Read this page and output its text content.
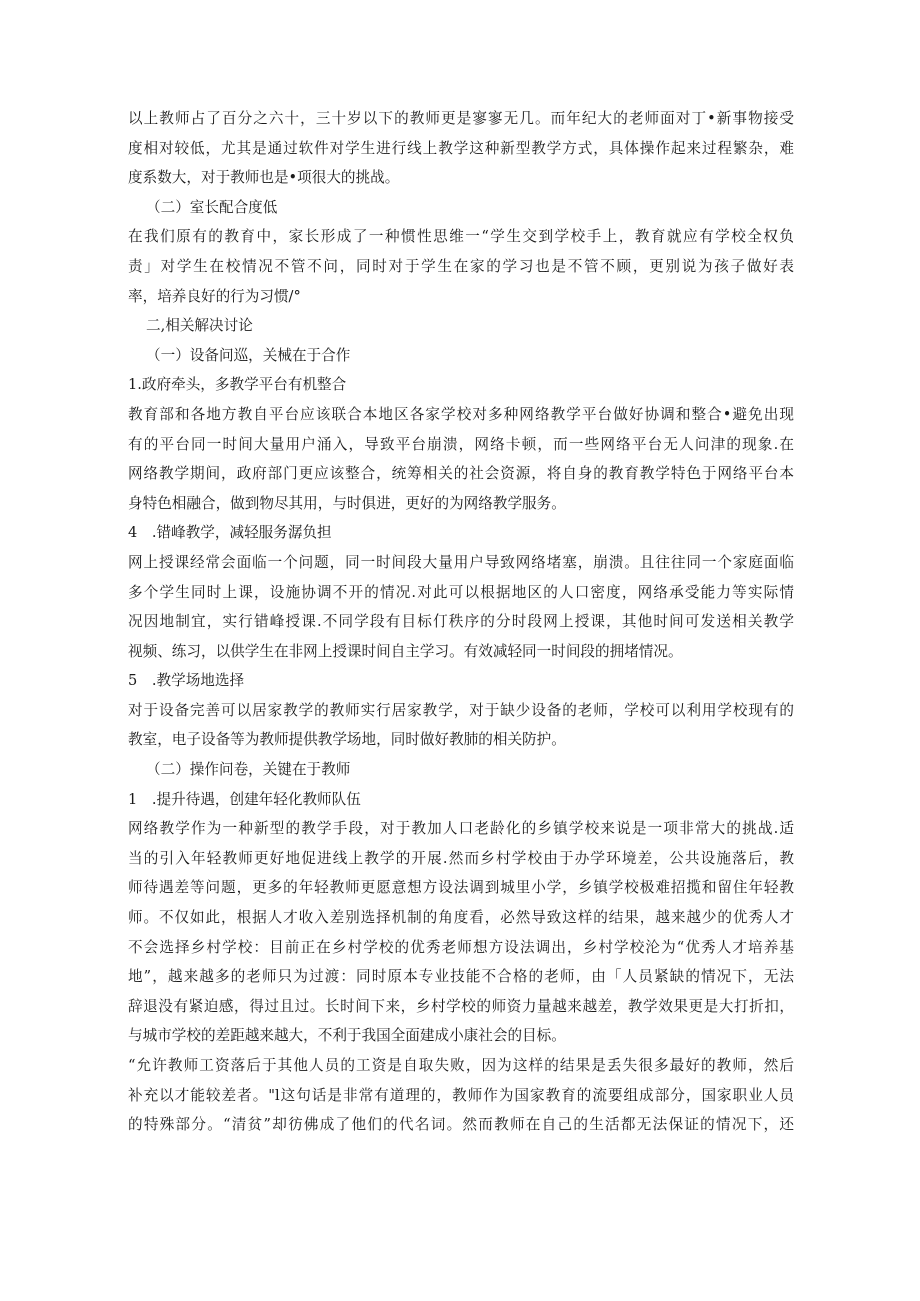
以上教师占了百分之六十，三十岁以下的教师更是寥寥无几。而年纪大的老师面对丁•新事物接受
度相对较低，尤其是通过软件对学生进行线上教学这种新型教学方式，具体操作起来过程繁杂，难
度系数大，对于教师也是•项很大的挑战。
（二）室长配合度低
在我们原有的教育中，家长形成了一种惯性思维一“学生交到学校手上，教育就应有学校全权负
责」对学生在校情况不管不问，同时对于学生在家的学习也是不管不顾，更别说为孩子做好表
率，培养良好的行为习惯/°
二,相关解决讨论
（一）设备问巡，关械在于合作
1.政府牵头，多教学平台有机整合
教育部和各地方教自平台应该联合本地区各家学校对多种网络教学平台做好协调和整合•避免出现
有的平台同一时间大量用户涌入，导致平台崩溃，网络卡顿，而一些网络平台无人问津的现象.在
网络教学期间，政府部门更应该整合，统筹相关的社会资源，将自身的教育教学特色于网络平台本
身特色相融合，做到物尽其用，与时俱进，更好的为网络教学服务。
4　.错峰教学，减轻服务潺负担
网上授课经常会面临一个问题，同一时间段大量用户导致网络堵塞，崩溃。且往往同一个家庭面临
多个学生同时上课，设施协调不开的情况.对此可以根据地区的人口密度，网络承受能力等实际情
况因地制宜，实行错峰授课.不同学段有目标仃秩序的分时段网上授课，其他时间可发送相关教学
视频、练习，以供学生在非网上授课时间自主学习。有效减轻同一时间段的拥堵情况。
5　.教学场地选择
对于设备完善可以居家教学的教师实行居家教学，对于缺少设备的老师，学校可以利用学校现有的
教室，电子设备等为教师提供教学场地，同时做好教肺的相关防护。
（二）操作问卷，关键在于教师
1　.提升待遇，创建年轻化教师队伍
网络教学作为一种新型的教学手段，对于教加人口老龄化的乡镇学校来说是一项非常大的挑战.适
当的引入年轻教师更好地促进线上教学的开展.然而乡村学校由于办学环境差，公共设施落后，教
师待遇差等问题，更多的年轻教师更愿意想方设法调到城里小学，乡镇学校极难招揽和留住年轻教
师。不仅如此，根据人才收入差别选择机制的角度看，必然导致这样的结果，越来越少的优秀人才
不会选择乡村学校：目前正在乡村学校的优秀老师想方设法调出，乡村学校沦为“优秀人才培养基
地”，越来越多的老师只为过渡：同时原本专业技能不合格的老师，由「人员紧缺的情况下，无法
辞退没有紧迫感，得过且过。长时间下来，乡村学校的师资力量越来越差，教学效果更是大打折扣，
与城市学校的差距越来越大，不利于我国全面建成小康社会的目标。
“允许教师工资落后于其他人员的工资是自取失败，因为这样的结果是丢失很多最好的教师，然后
补充以才能较差者。"l这句话是非常有道理的，教师作为国家教育的流要组成部分，国家职业人员
的特殊部分。“清贫”却彷佛成了他们的代名词。然而教师在自己的生活都无法保证的情况下，还
